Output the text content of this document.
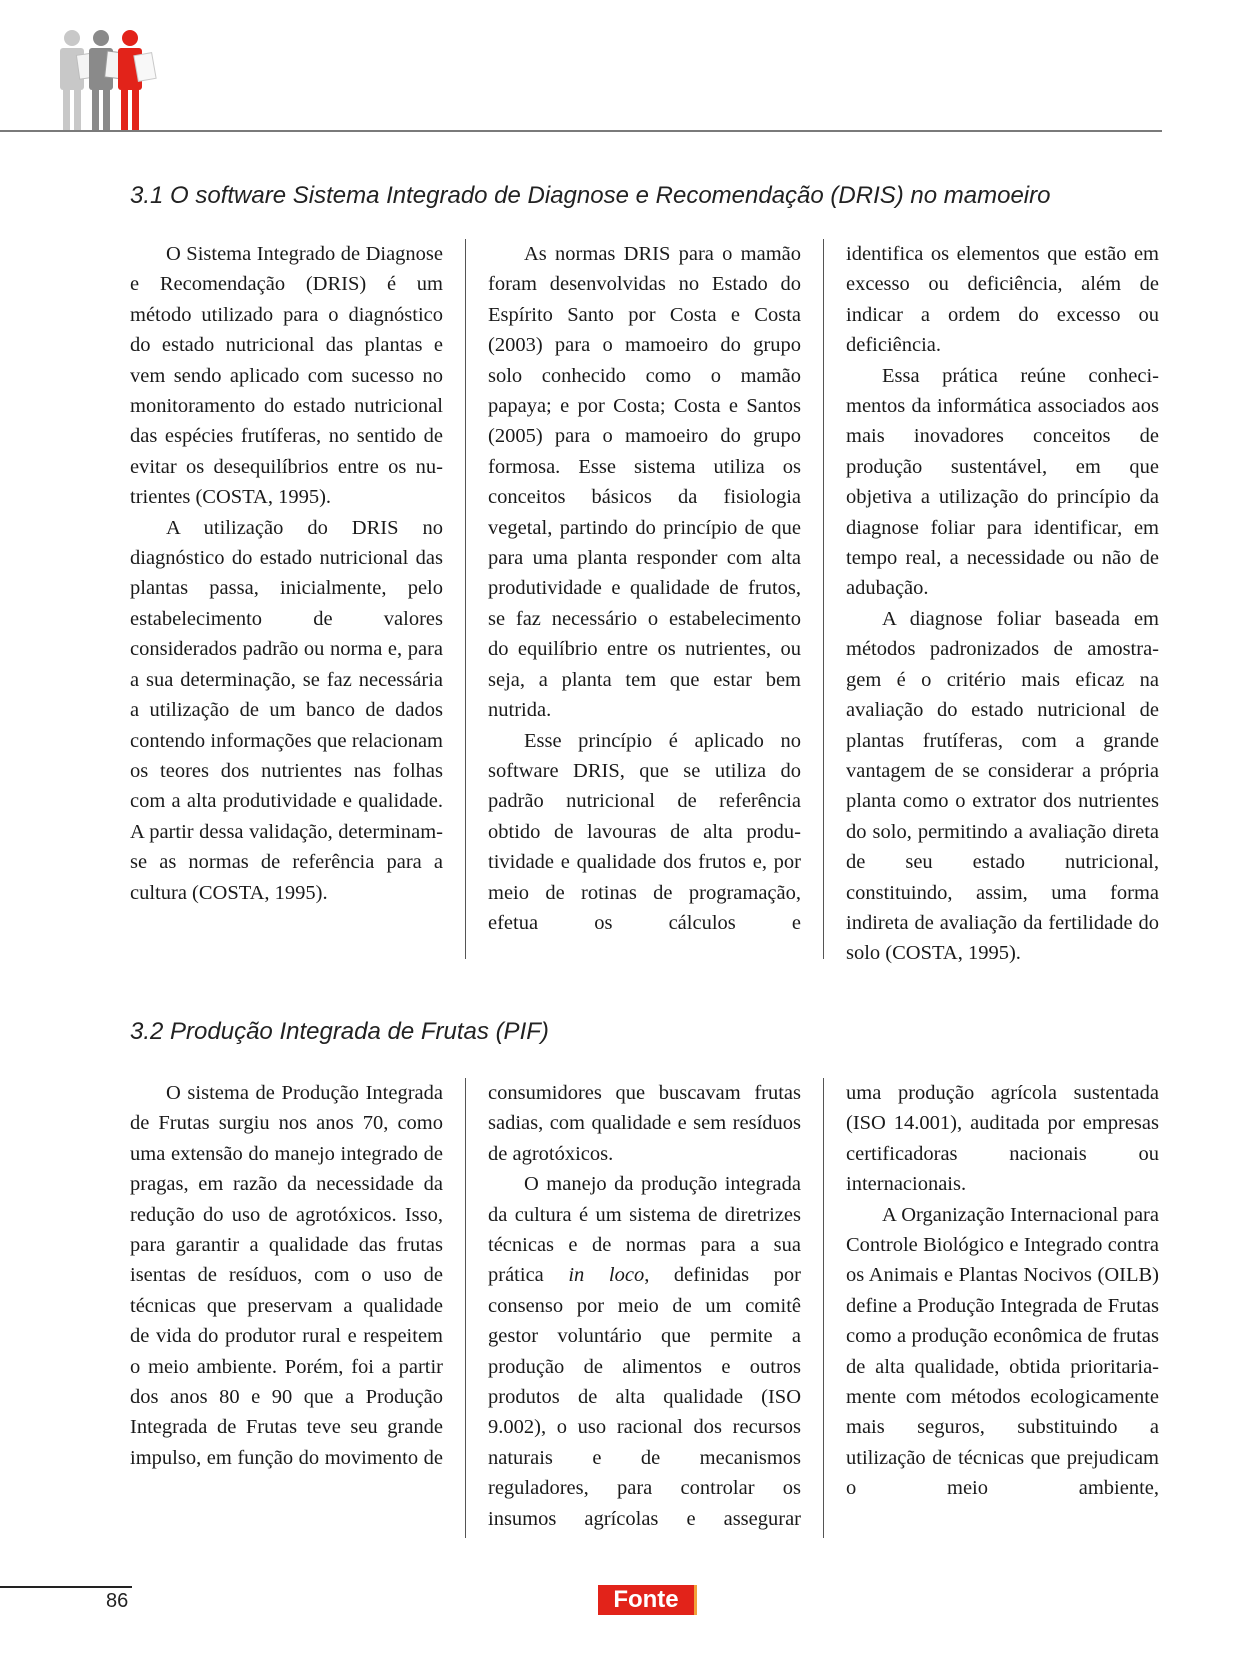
3.1 O software Sistema Integrado de Diagnose e Recomendação (DRIS) no mamoeiro

O Sistema Integrado de Diagnose e Recomendação (DRIS) é um método utilizado para o diagnóstico do estado nutricional das plantas e vem sendo aplicado com sucesso no monitoramento do estado nutricional das espécies frutíferas, no sentido de evitar os desequilíbrios entre os nutrientes (COSTA, 1995).

A utilização do DRIS no diagnóstico do estado nutricional das plantas passa, inicialmente, pelo estabelecimento de valores considerados padrão ou norma e, para a sua determinação, se faz necessária a utilização de um banco de dados contendo informações que relacionam os teores dos nutrientes nas folhas com a alta produtividade e qualidade. A partir dessa validação, determinam-se as normas de referência para a cultura (COSTA, 1995).

As normas DRIS para o mamão foram desenvolvidas no Estado do Espírito Santo por Costa e Costa (2003) para o mamoeiro do grupo solo conhecido como o mamão papaya; e por Costa; Costa e Santos (2005) para o mamoeiro do grupo formosa. Esse sistema utiliza os conceitos básicos da fisiologia vegetal, partindo do princípio de que para uma planta responder com alta produtividade e qualidade de frutos, se faz necessário o estabelecimento do equilíbrio entre os nutrientes, ou seja, a planta tem que estar bem nutrida.

Esse princípio é aplicado no software DRIS, que se utiliza do padrão nutricional de referência obtido de lavouras de alta produtividade e qualidade dos frutos e, por meio de rotinas de programação, efetua os cálculos e

identifica os elementos que estão em excesso ou deficiência, além de indicar a ordem do excesso ou deficiência.

Essa prática reúne conhecimentos da informática associados aos mais inovadores conceitos de produção sustentável, em que objetiva a utilização do princípio da diagnose foliar para identificar, em tempo real, a necessidade ou não de adubação.

A diagnose foliar baseada em métodos padronizados de amostragem é o critério mais eficaz na avaliação do estado nutricional de plantas frutíferas, com a grande vantagem de se considerar a própria planta como o extrator dos nutrientes do solo, permitindo a avaliação direta de seu estado nutricional, constituindo, assim, uma forma indireta de avaliação da fertilidade do solo (COSTA, 1995).

3.2 Produção Integrada de Frutas (PIF)

O sistema de Produção Integrada de Frutas surgiu nos anos 70, como uma extensão do manejo integrado de pragas, em razão da necessidade da redução do uso de agrotóxicos. Isso, para garantir a qualidade das frutas isentas de resíduos, com o uso de técnicas que preservam a qualidade de vida do produtor rural e respeitem o meio ambiente. Porém, foi a partir dos anos 80 e 90 que a Produção Integrada de Frutas teve seu grande impulso, em função do movimento de

consumidores que buscavam frutas sadias, com qualidade e sem resíduos de agrotóxicos.

O manejo da produção integrada da cultura é um sistema de diretrizes técnicas e de normas para a sua prática in loco, definidas por consenso por meio de um comitê gestor voluntário que permite a produção de alimentos e outros produtos de alta qualidade (ISO 9.002), o uso racional dos recursos naturais e de mecanismos reguladores, para controlar os insumos agrícolas e assegurar

uma produção agrícola sustentada (ISO 14.001), auditada por empresas certificadoras nacionais ou internacionais.

A Organização Internacional para Controle Biológico e Integrado contra os Animais e Plantas Nocivos (OILB) define a Produção Integrada de Frutas como a produção econômica de frutas de alta qualidade, obtida prioritariamente com métodos ecologicamente mais seguros, substituindo a utilização de técnicas que prejudicam o meio ambiente,

86	Fonte
